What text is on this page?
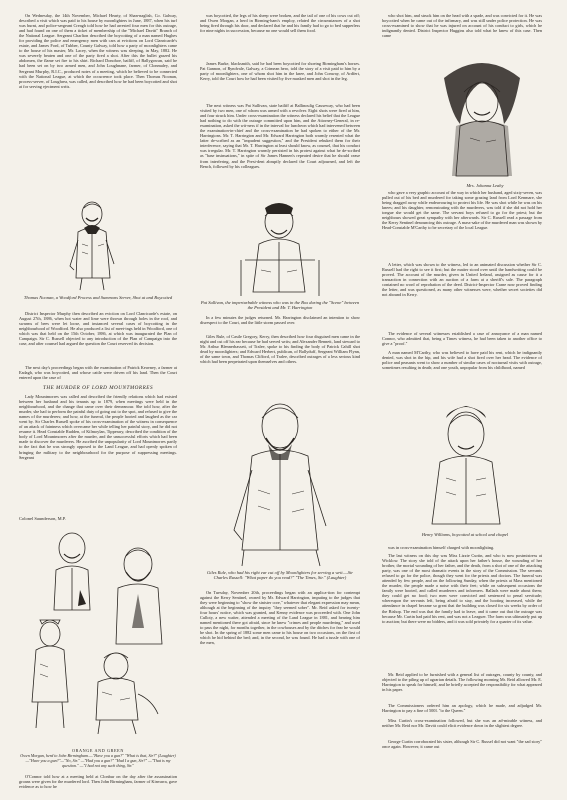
On Wednesday, the 14th November, Michael Hearty, of Shan-naglish, Co. Galway, described a visit which was paid to his house by moonlighters in June, 1887, when his turf was burnt, and police-sergeant Creagh told how he had arrested four men for this outrage, and had found on one of them a ticket of membership of the "Michael Davitt" Branch of the National League. Sergeant Charlton described the boycotting of a man named Hughes for providing the police and emergency men with cars at evictions on Lord Clanricarde's estate, and James Ford, of Tubber, County Galway, told how a party of moonlighters came to the house of his master, Mr. Lacey, when the witness was sleeping, in May, 1882. He was severely beaten and one of the party fired a shot. After this the bullet grazed his abdomen, the flame set fire to his shirt. Richard Donohoe, bailiff, of Ballygowan, said he had been set on by two armed men, and John Loughnane, farmer, of Clonmaley, and Sergeant Murphy, R.I.C., produced notes of a meeting, which he believed to be connected with the National League, at which the occurrence took place. Then Thomas Noonan, process-server, of Loughrea, was called, and described how he had been boycotted and shot at for serving ejectment writs.

Thomas Noonan, a Woodford Process and Summons Server, Shot at and Boycotted

District Inspector Murphy then described an eviction on Lord Clanricarde's estate, on August 27th, 1886, when hot water and lime were thrown through holes in the roof, and swarms of bees were let loose, and instanced several cases of boycotting in the neighbourhood of Woodford. He also produced a list of meet-ings held in Woodford, one of which was that held on the 15th October, 1886, at which was inaugurated the Plan of Campaign. Sir C. Russell objected to any introduction of the Plan of Campaign into the case, and after counsel had argued the question the Court reserved its decision.

The next day's proceedings began with the examination of Patrick Keavney, a farmer at Eadagh, who was boycotted, and whose cattle were driven off his land. Then the Court entered upon the case of

THE MURDER OF LORD MOUNTMORRES

Lady Mountmorres was called and described the friendly relations which had existed between her husband and his tenants up to 1879, when meetings were held in the neighbourhood, and the change that came over their demeanour. She told how, after the murder, she had to perform the painful duty of going out to the spot, and refused to give the names of the murderers; and how, at the funeral, the people hooted and laughed as the car went by. Sir Charles Russell spoke of his cross-examination of the witness in consequence of an attack of faintness which overcame her while telling her painful story, and he did not resume it. Head Constable Rudden, of Kilmoylan, Tipperary, described the condition of the body of Lord Mountmorres after the murder, and the unsuccessful efforts which had been made to discover the murderers. He ascribed the unpopularity of Lord Mountmorres partly to the fact that he was strongly opposed to the Land League, and had openly spoken of bringing the military to the neighbourhood for the purpose of suppressing meetings. Sergeant

Colonel Saunderson, M.P.
ORANGE AND GREEN
Owen Morgan, herd to John Birmingham.—"Have you a gun?" "What is that, Sir?" (Laughter) —"Have you a gun?"—"No, Sir." —"Had you a gun?" "Had I a gun, Sir?" —"That is my question." —"I had not any such thing, Sir."

O'Connor told how at a meeting held at Clonbur on the day after the assassination groans were given for the murdered lord. Then John Birmingham, farmer of Kinvarra, gave evidence as to how he

was boycotted, the legs of his sheep were broken, and the tail of one of his cows cut off; and Owen Morgan, a herd in Birming-ham's employ, related the circumstances of a shot being fired through his door, and declared that he and his family had to go to bed supperless for nine nights in succession, because no one would sell them food.

James Burke, blacksmith, said he had been boycotted for shoeing Birmingham's horses. Pat Gannon, of Ryndvale, Galway, a Crimean hero, told the story of a visit paid to him by a party of moonlighters, one of whom shot him in the knee, and John Conway, of Ardfert, Kerry, told the Court how he had been visited by five masked men and shot in the leg.

The next witness was Pat Sullivan, state bailiff at Ballinoulig Causeway, who had been visited by two men, one of whom was armed with a revolver. Eight shots were fired at him, and four struck him. Under cross-examination the witness declared his belief that the League had nothing to do with the outrage committed upon him, and the Attorney-General, in re-examination, asked the wit-ness if in the interval for luncheon which had intervened between the examination-in-chief and the cross-examination he had spoken to either of the Mr. Harringtons. Mr. T. Harrington and Mr. Edward Harrington both warmly resented what the latter de-scribed as an "impudent suggestion," and the President rebuked them for their interference, saying that Mr. T. Harrington at least should know, as counsel, that his conduct was irregular. Mr. T. Harrington warmly persisted in his protest against what he de-scribed as "base insinuations," in spite of Sir James Hannen's repeated desire that he should cease from interfering, and the Presi-dent abruptly declared the Court adjourned, and left the Bench, followed by his colleagues.

Pat Sullivan, the imperturbable witness who was in the Box during the "Scene" between the President and Mr. T. Harrington

In a few minutes the judges returned. Mr. Harrington disclaimed an intention to show disrespect to the Court, and the little storm passed over.

Giles Rule, of Castle Gregory, Kerry, then described how four disguised men came in the night and cut off his ear because he had served writs; and Alexander Bennett, land steward to Mr. Arthur Blennerhassett, of Tralee, spoke to his finding the body of Patrick Cahill shot dead by moonlighters; and Edward Herbert, publican, of Ballyduff, Sergeant William Flynn, of the same town, and Thomas Clifford, of Tralee, described outrages of a less serious kind which had been perpetrated upon themselves and others.

Giles Rule, who had his right ear cut off by Moonlighters for serving a writ.—Sir Charles Russell: "What paper do you read?" "The Times, Sir." (Laughter)

On Tuesday, November 20th, proceedings began with an applica-tion for contempt against the Kerry Sentinel, owned by Mr. Edward Harrington, imputing to the judges that they were beginning to "show the sinister core," whatever that elegant expression may mean, although at the beginning of the inquiry "they seemed sober". Mr. Reid asked for twenty-four hours' notice, which was granted, and Kenny evidence was proceeded with. One John Culloty, a new waiter, attended a meeting of the Land League in 1881, and hearing him named mentioned there got afraid, since he knew "crimes and people murdering," and used to pass the night, for months together, in the cowhouses and by the ditches for fear he would be shot. In the spring of 1882 some men came to his house on two occasions, on the first of which he hid behind the bed; and, in the second, he was found. He had a tussle with one of the men,

who shot him, and struck him on the head with a spade, and was convicted for it. He was boycotted when he came out of the infirmary, and was still under police protection. He was cross-examined to show that he was injured on account of his conduct to girls, which he indignantly denied. District Inspector Huggins also told what he knew of this case. Then came

Mrs. Johanna Leahy

who gave a very graphic account of the way in which her husband, aged sixty-seven, was pulled out of his bed and murdered for taking some grazing land from Lord Kenmare, she being dragged away while endeavouring to protect his life. He was shot while he was on his knees; and his daughter, remonstrating with the murderers, was told if she did not hold her tongue she would get the same. The servant boys refused to go for the priest; but the neighbours showed great sympathy with her afterwards. Sir C. Russell read a passage from the Kerry Sentinel denouncing this outrage. A mass-sake of the murdered man was shown by Head-Constable M'Carthy to be secretary of the local League.

A letter, which was shown to the witness, led to an animated discussion whether Sir C. Russell had the right to see it first; but the matter stood over until the handwriting could be proved. The account of the murder, given in United Ireland, assigned as cause for it a transaction in connection with an auction of a farm at a sheriff's sale. The paragraph contained no word of reprobation of the deed. District-Inspector Crane now proved finding the letter, and was questioned, as many other witnesses were, whether secret societies did not abound in Kerry.

The evidence of several witnesses established a case of annoyance of a man named Connor, who admitted that, being a Times witness, he had been taken to another office to give a "proof."

A man named M'Carthy, who was believed to have paid his rent, which he indignantly denied, was shot in the hip, and his wife had a shot fired over her head. The evidence of police and peasants went to show a number of similar cases of nocturnal visits with outrage, sometimes resulting in death; and one youth, unpopular from his childhood, named

Henry Williams, boycotted at school and chapel

was in cross-examination himself charged with moonlighting.

The last witness on this day was Miss Lizzie Curtin, and who is now postmistress at Wicklow. The story she told of the attack upon her father's house, the wounding of her brother, the mortal wounding of her father, and the death, from a shot of one of the attacking party, was one of the most dramatic events in the story of the Commission. The servants refused to go for the police, though they went for the priests and doctors. The funeral was attended by few people, and on the following Sunday, when the priests at Mass mentioned the murder, the people made a noise with their feet; while on subsequent occasions the family were hooted, and called murderers and informers. Ballads were made about them; they could get no food; two men were convicted and sentenced to penal servitude; whereupon the servants left, being afraid to stay, and the hooting increased, while the attendance in chapel became so great that the building was closed for six weeks by order of the Bishop. The end was that the family had to leave, and it came out that the outrage was because Mr. Curtin had paid his rent, and was not a Leaguer. The farm was ultimately put up to auction; but there were no bidders, and it was sold privately for a quarter of its value.

Mr. Reid applied to be furnished with a general list of outrages, county by county, and objected to the piling up of agrarian details. The following morning Mr. Reid allowed Mr. E. Harrington to speak for himself, and he briefly accepted the responsibility for what appeared in his paper.

The Commissioners ordered him an apology, which he made, and adjudged Mr. Harrington to pay a fine of 500l. "to the Queen."

Miss Curtin's cross-examination followed, but she was an ad-mirable witness, and neither Mr. Reid nor Mr. Davitt could elicit evidence down in the slightest degree.

George Curtin corroborated his sister, although Sir C. Russel did not want "the sad story" once again. However, it came out
